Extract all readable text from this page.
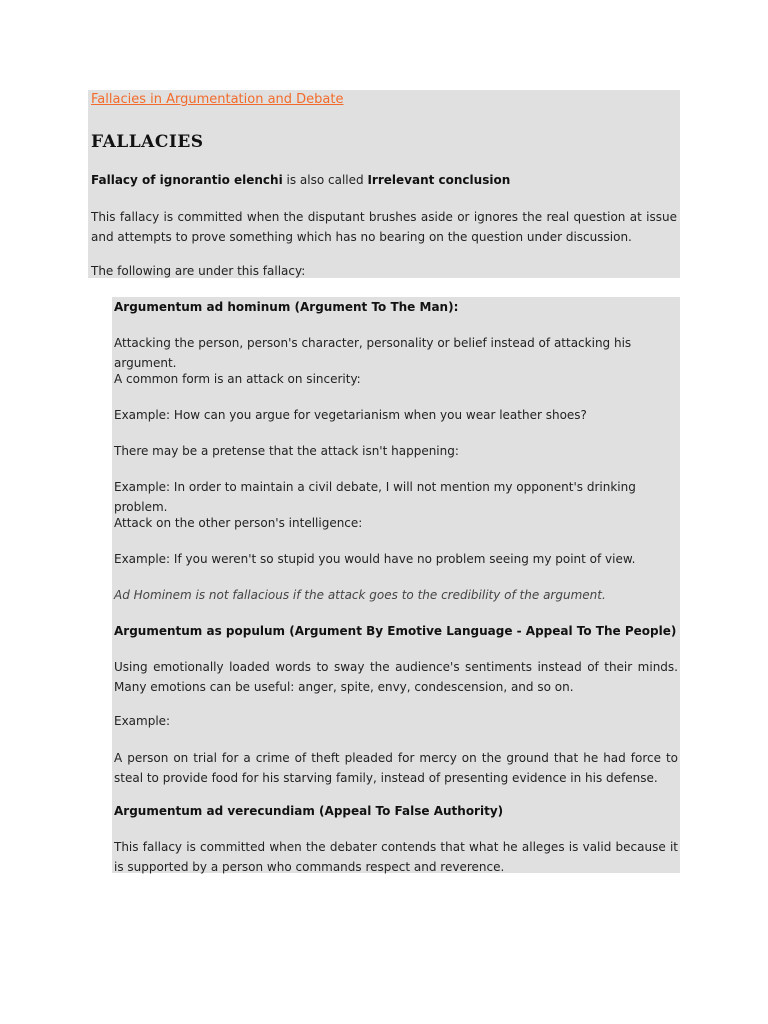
Fallacies in Argumentation and Debate
FALLACIES
Fallacy of ignorantio elenchi is also called Irrelevant conclusion
This fallacy is committed when the disputant brushes aside or ignores the real question at issue and attempts to prove something which has no bearing on the question under discussion.
The following are under this fallacy:
Argumentum ad hominum (Argument To The Man):
Attacking the person, person's character, personality or belief instead of attacking his argument.
A common form is an attack on sincerity:
Example: How can you argue for vegetarianism when you wear leather shoes?
There may be a pretense that the attack isn't happening:
Example: In order to maintain a civil debate, I will not mention my opponent's drinking problem.
Attack on the other person's intelligence:
Example: If you weren't so stupid you would have no problem seeing my point of view.
Ad Hominem is not fallacious if the attack goes to the credibility of the argument.
Argumentum as populum (Argument By Emotive Language - Appeal To The People)
Using emotionally loaded words to sway the audience's sentiments instead of their minds. Many emotions can be useful: anger, spite, envy, condescension, and so on.
Example:
A person on trial for a crime of theft pleaded for mercy on the ground that he had force to steal to provide food for his starving family, instead of presenting evidence in his defense.
Argumentum ad verecundiam (Appeal To False Authority)
This fallacy is committed when the debater contends that what he alleges is valid because it is supported by a person who commands respect and reverence.
